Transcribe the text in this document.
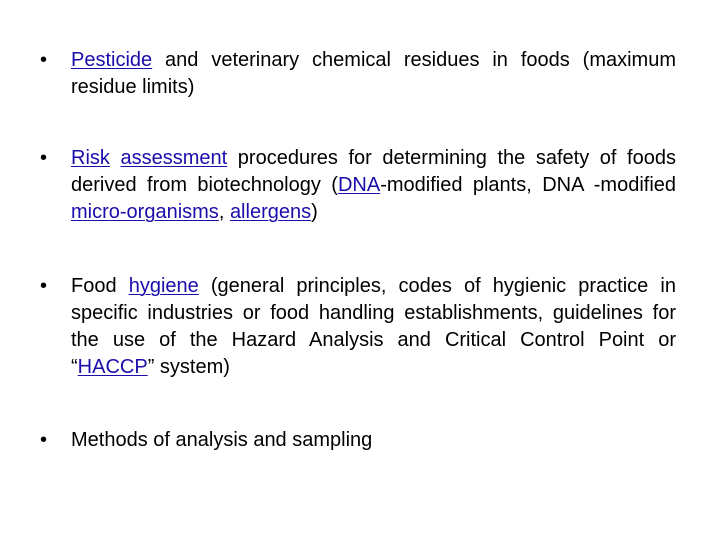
•	Pesticide and veterinary chemical residues in foods (maximum residue limits)
•	Risk assessment procedures for determining the safety of foods derived from biotechnology (DNA-modified plants, DNA -modified micro-organisms, allergens)
•	Food hygiene (general principles, codes of hygienic practice in specific industries or food handling establishments, guidelines for the use of the Hazard Analysis and Critical Control Point or “HACCP” system)
•	Methods of analysis and sampling
